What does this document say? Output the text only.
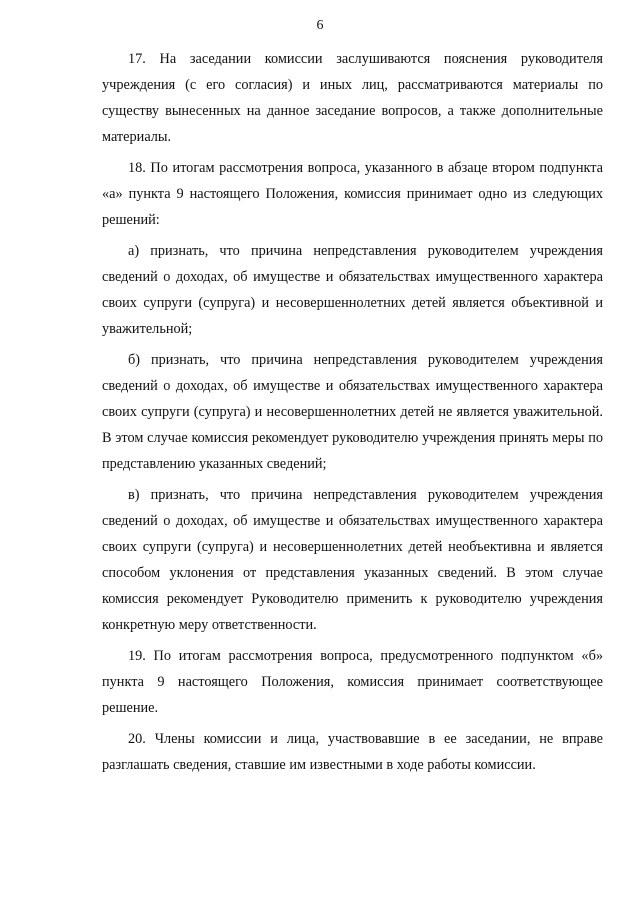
6

17. На заседании комиссии заслушиваются пояснения руководителя учреждения (с его согласия) и иных лиц, рассматриваются материалы по существу вынесенных на данное заседание вопросов, а также дополнительные материалы.

18. По итогам рассмотрения вопроса, указанного в абзаце втором подпункта «а» пункта 9 настоящего Положения, комиссия принимает одно из следующих решений:

а) признать, что причина непредставления руководителем учреждения сведений о доходах, об имуществе и обязательствах имущественного характера своих супруги (супруга) и несовершеннолетних детей является объективной и уважительной;

б) признать, что причина непредставления руководителем учреждения сведений о доходах, об имуществе и обязательствах имущественного характера своих супруги (супруга) и несовершеннолетних детей не является уважительной. В этом случае комиссия рекомендует руководителю учреждения принять меры по представлению указанных сведений;

в) признать, что причина непредставления руководителем учреждения сведений о доходах, об имуществе и обязательствах имущественного характера своих супруги (супруга) и несовершеннолетних детей необъективна и является способом уклонения от представления указанных сведений. В этом случае комиссия рекомендует Руководителю применить к руководителю учреждения конкретную меру ответственности.

19. По итогам рассмотрения вопроса, предусмотренного подпунктом «б» пункта 9 настоящего Положения, комиссия принимает соответствующее решение.

20. Члены комиссии и лица, участвовавшие в ее заседании, не вправе разглашать сведения, ставшие им известными в ходе работы комиссии.
